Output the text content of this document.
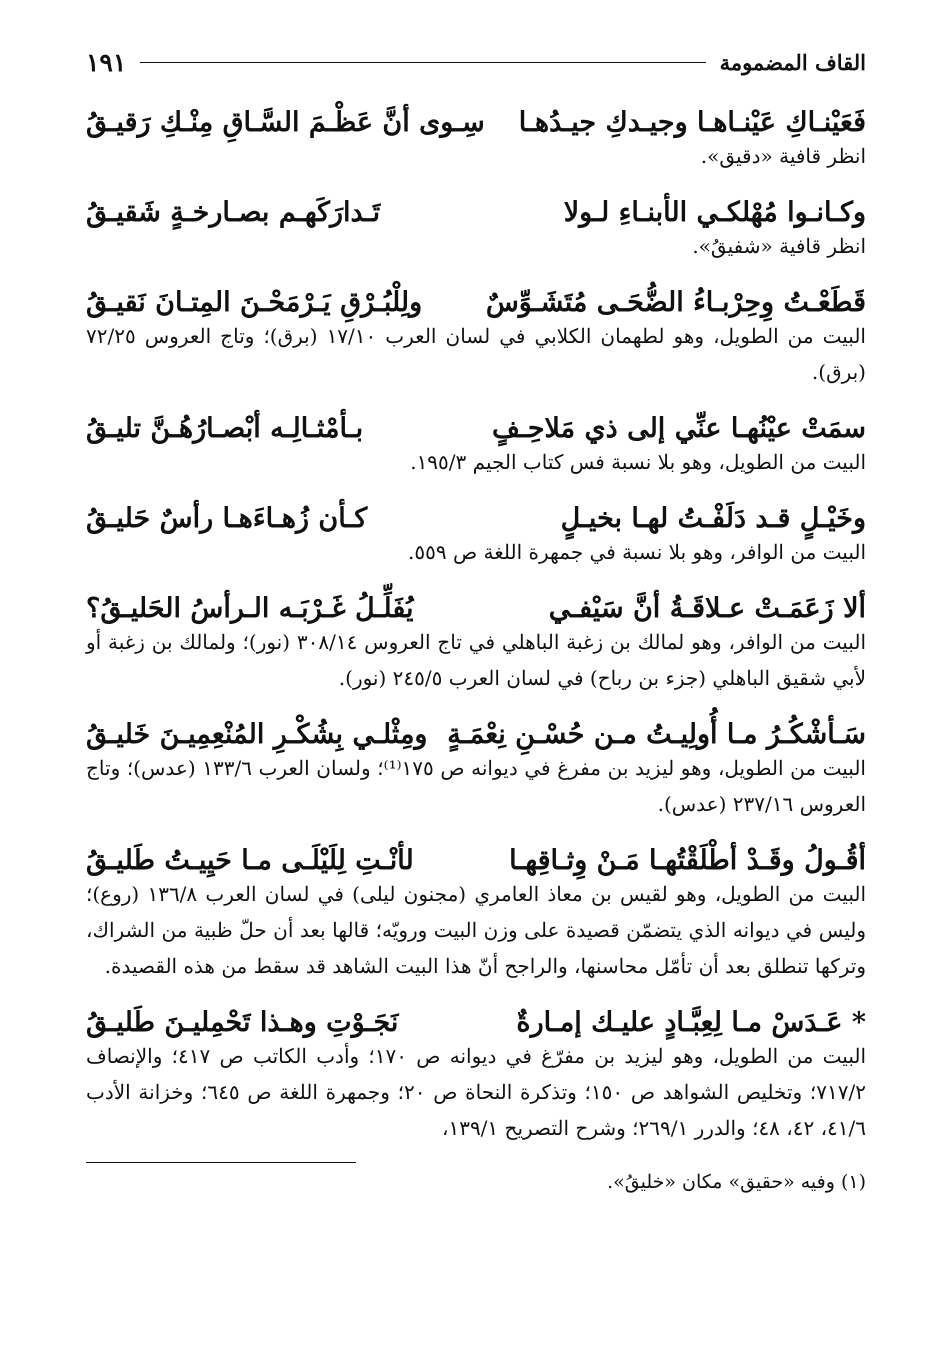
القاف المضمومة
١٩١
فَعَيْنـاكِ عَيْنـاهـا وجيـدكِ جيـدُهـا
سِـوى أنَّ عَظْـمَ السَّـاقِ مِنْـكِ رَقيـقُ
انظر قافية «دقيق».
وكـانـوا مُهْلكـي الأبنـاءِ لـولا
تَـدارَكَهـم بصـارخـةٍ شَقيـقُ
انظر قافية «شفيقُ».
قَطَعْـتُ وِحِرْبـاءُ الضُّحَـى مُتَشَـوِّسٌ
ولِلْبُـرْقِ يَـرْمَحْـنَ المِتـانَ نَقيـقُ
البيت من الطويل، وهو لطهمان الكلابي في لسان العرب ١٧/١٠ (برق)؛ وتاج العروس ٧٢/٢٥ (برق).
سمَتْ عيْنُهـا عنِّي إلى ذي مَلاحِـفٍ
بـأمْثـالِـه أبْصـارُهُـنَّ تليـقُ
البيت من الطويل، وهو بلا نسبة فس كتاب الجيم ١٩٥/٣.
وخَيْـلٍ قـد دَلَفْـتُ لهـا بخيـلٍ
كـأن زُهـاءَهـا رأسٌ حَليـقُ
البيت من الوافر، وهو بلا نسبة في جمهرة اللغة ص ٥٥٩.
ألا زَعَمَـتْ عـلاقَـةُ أنَّ سَيْفـي
يُفَلِّـلُ غَـرْبَـه الـرأسُ الحَليـقُ؟
البيت من الوافر، وهو لمالك بن زغبة الباهلي في تاج العروس ٣٠٨/١٤ (نور)؛ ولمالك بن زغبة أو لأبي شقيق الباهلي (جزء بن رباح) في لسان العرب ٢٤٥/٥ (نور).
سَـأشْكُـرُ مـا أُولِيـتُ مـن حُسْـنِ نِعْمَـةٍ
ومِثْلـي بِشُكْـرِ المُنْعِمِيـنَ خَليـقُ
البيت من الطويل، وهو ليزيد بن مفرغ في ديوانه ص ١٧٥⁽¹⁾؛ ولسان العرب ١٣٣/٦ (عدس)؛ وتاج العروس ٢٣٧/١٦ (عدس).
أقُـولُ وقَـدْ أطْلَقْتُهـا مَـنْ وِثـاقِهـا
لأنْـتِ لِلَيْلَـى مـا حَيِيـتُ طَليـقُ
البيت من الطويل، وهو لقيس بن معاذ العامري (مجنون ليلى) في لسان العرب ١٣٦/٨ (روع)؛ وليس في ديوانه الذي يتضمّن قصيدة على وزن البيت ورويّه؛ قالها بعد أن حلّ ظبية من الشراك، وتركها تنطلق بعد أن تأمّل محاسنها، والراجح أنّ هذا البيت الشاهد قد سقط من هذه القصيدة.
* عَـدَسْ مـا لِعِبَّـادٍ عليـك إمـارةٌ
نَجَـوْتِ وهـذا تَحْمِليـنَ طَليـقُ
البيت من الطويل، وهو ليزيد بن مفرّغ في ديوانه ص ١٧٠؛ وأدب الكاتب ص ٤١٧؛ والإنصاف ٧١٧/٢؛ وتخليص الشواهد ص ١٥٠؛ وتذكرة النحاة ص ٢٠؛ وجمهرة اللغة ص ٦٤٥؛ وخزانة الأدب ٤١/٦، ٤٢، ٤٨؛ والدرر ٢٦٩/١؛ وشرح التصريح ١٣٩/١،
(١) وفيه «حقيق» مكان «خليقُ».
